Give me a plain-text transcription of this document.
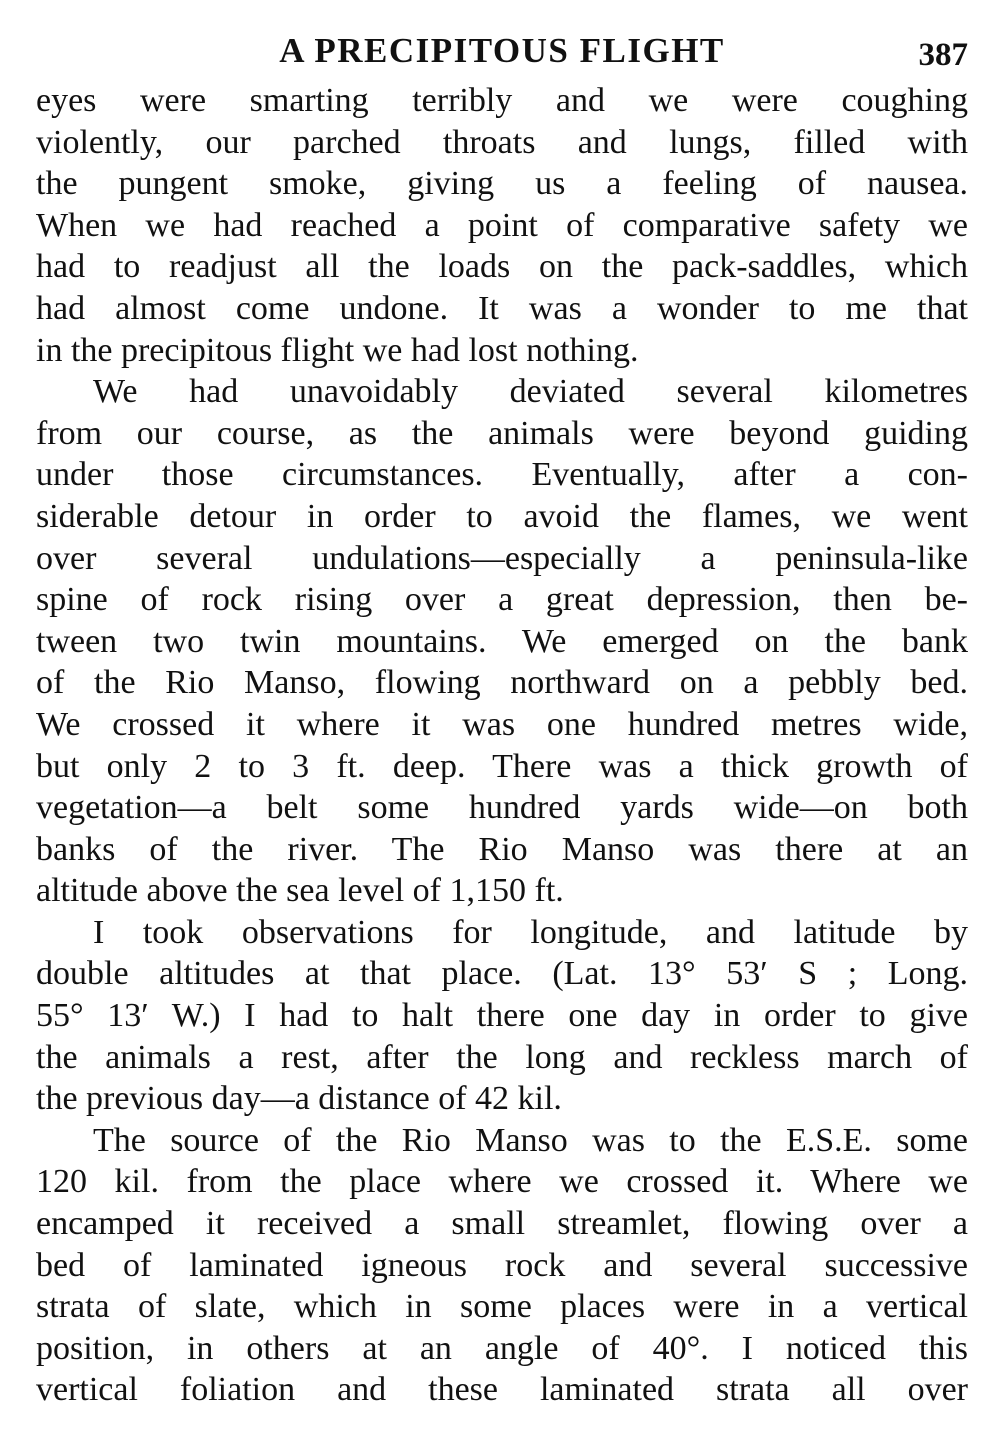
A PRECIPITOUS FLIGHT	387
eyes were smarting terribly and we were coughing
violently, our parched throats and lungs, filled with
the pungent smoke, giving us a feeling of nausea.
When we had reached a point of comparative safety we
had to readjust all the loads on the pack-saddles, which
had almost come undone. It was a wonder to me that
in the precipitous flight we had lost nothing.
We had unavoidably deviated several kilometres
from our course, as the animals were beyond guiding
under those circumstances. Eventually, after a con-
siderable detour in order to avoid the flames, we went
over several undulations—especially a peninsula-like
spine of rock rising over a great depression, then be-
tween two twin mountains. We emerged on the bank
of the Rio Manso, flowing northward on a pebbly bed.
We crossed it where it was one hundred metres wide,
but only 2 to 3 ft. deep. There was a thick growth of
vegetation—a belt some hundred yards wide—on both
banks of the river. The Rio Manso was there at an
altitude above the sea level of 1,150 ft.
I took observations for longitude, and latitude by
double altitudes at that place. (Lat. 13° 53′ S ; Long.
55° 13′ W.) I had to halt there one day in order to give
the animals a rest, after the long and reckless march of
the previous day—a distance of 42 kil.
The source of the Rio Manso was to the E.S.E. some
120 kil. from the place where we crossed it. Where we
encamped it received a small streamlet, flowing over a
bed of laminated igneous rock and several successive
strata of slate, which in some places were in a vertical
position, in others at an angle of 40°. I noticed this
vertical foliation and these laminated strata all over
